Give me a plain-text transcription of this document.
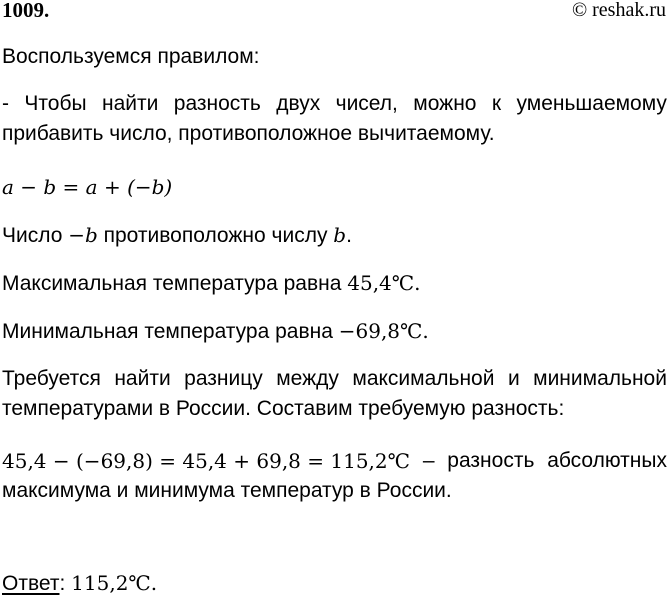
1009.	© reshak.ru
Воспользуемся правилом:
- Чтобы найти разность двух чисел, можно к уменьшаемому
прибавить число, противоположное вычитаемому.
a − b = a + (−b)
Число −b противоположно числу b.
Максимальная температура равна 45,4℃.
Минимальная температура равна −69,8℃.
Требуется найти разницу между максимальной и минимальной
температурами в России. Составим требуемую разность:
45,4 − (−69,8) = 45,4 + 69,8 = 115,2℃ – разность абсолютных
максимума и минимума температур в России.
Ответ: 115,2℃.
